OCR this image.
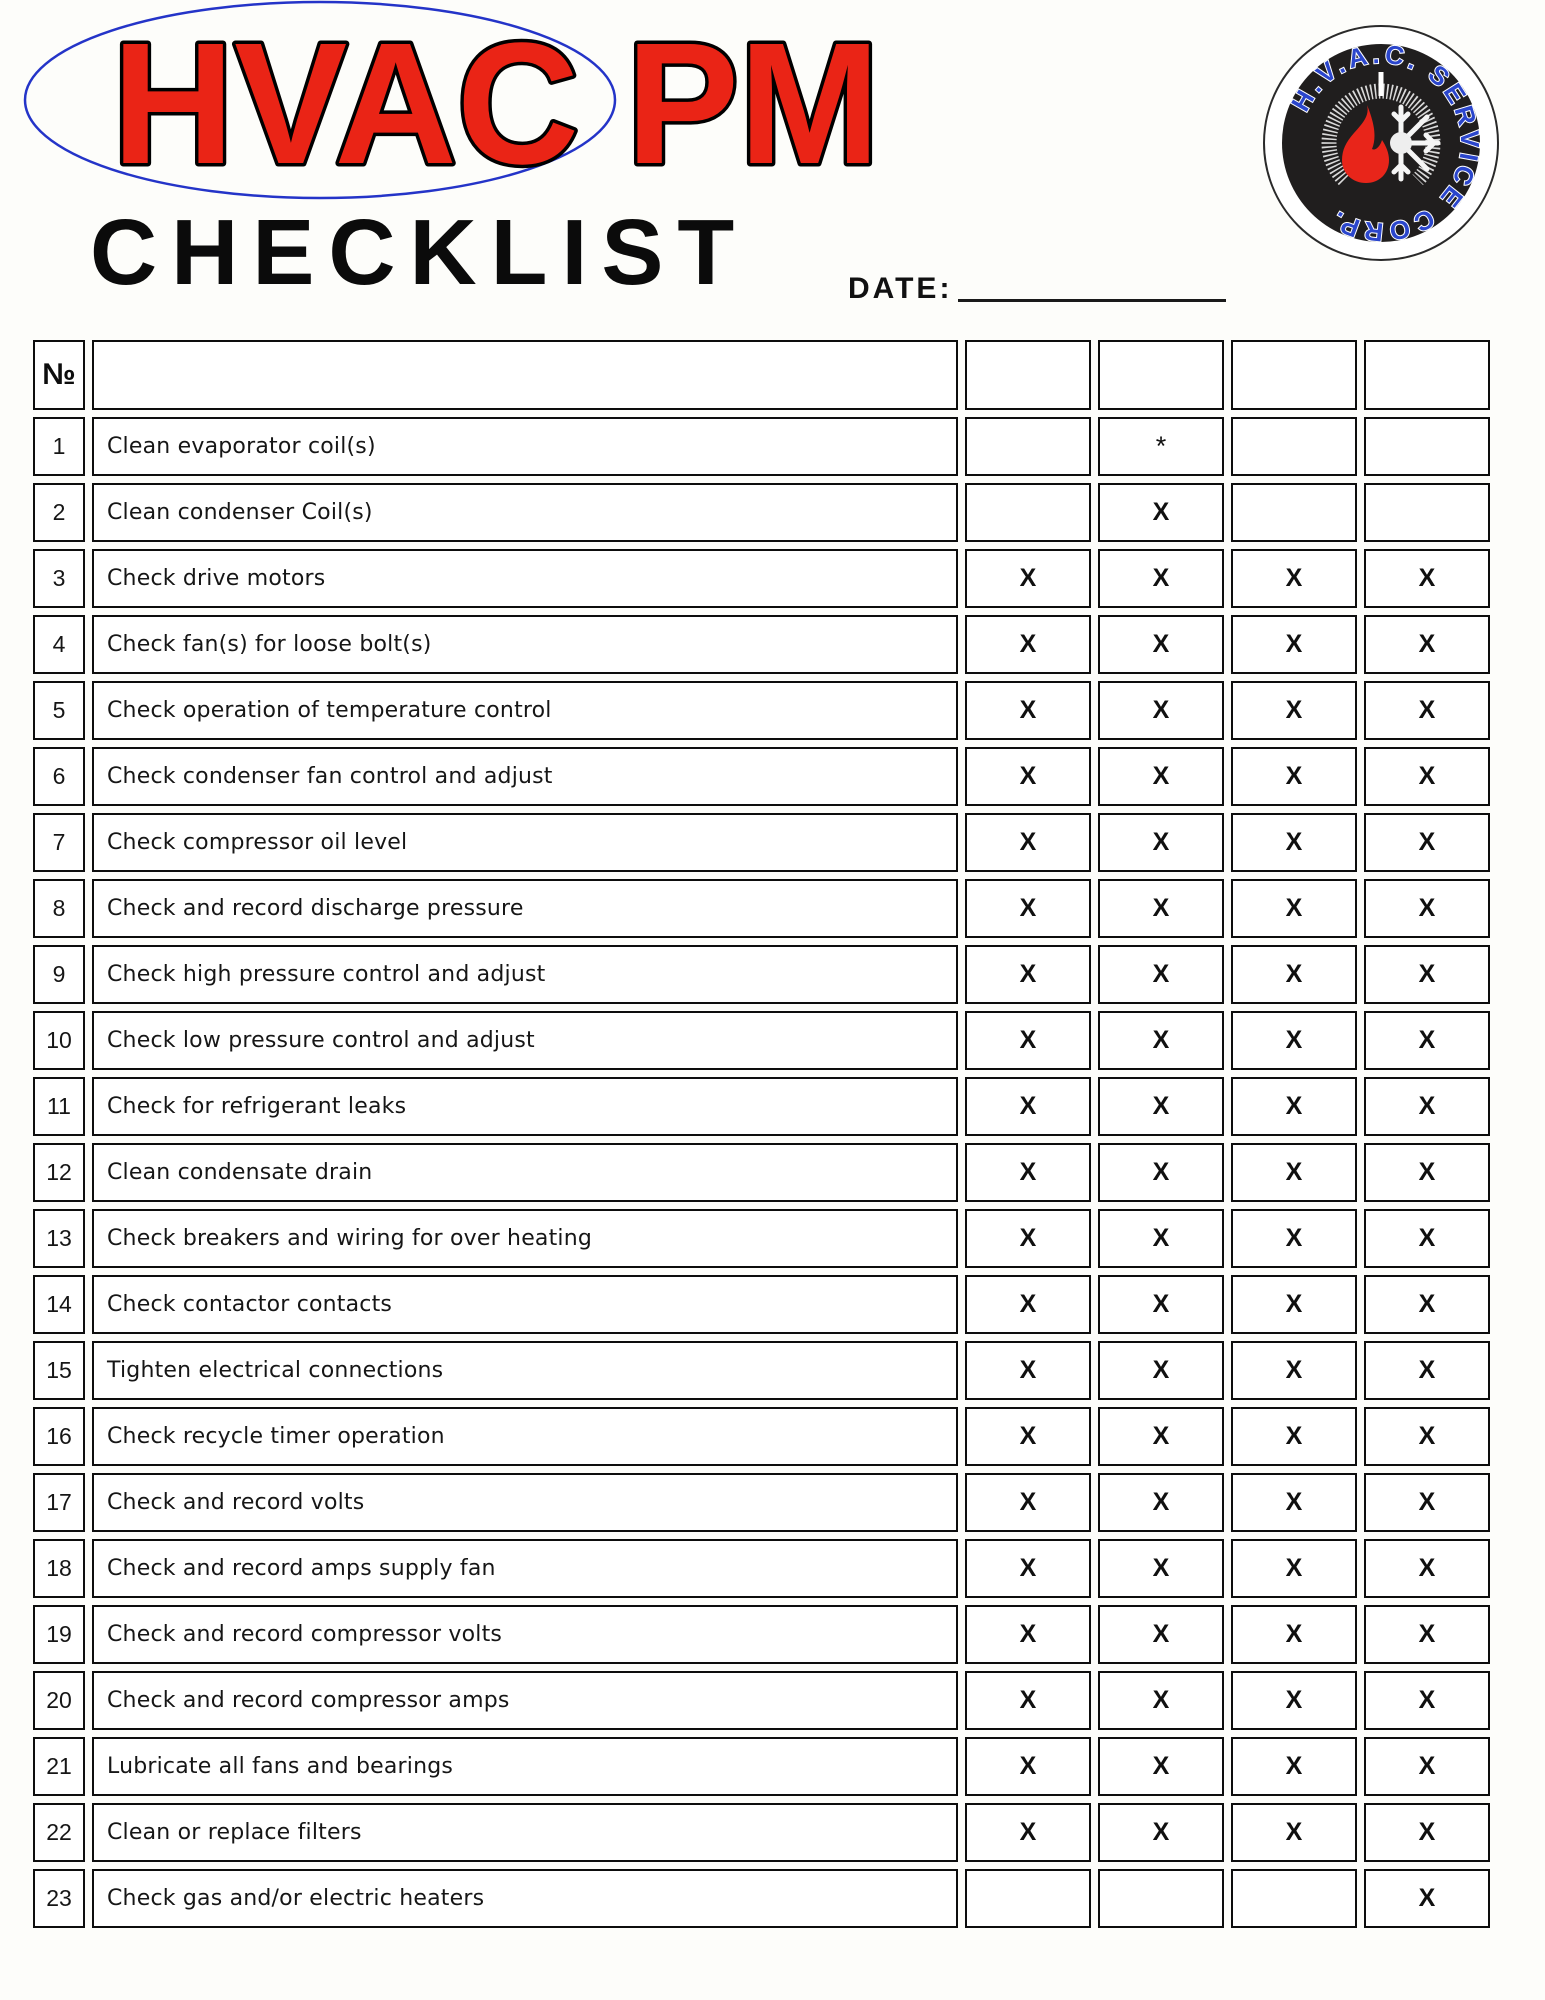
HVAC PM
CHECKLIST	DATE:
H.V.A.C. SERVICE CORP.
№	WORK ITEMS	WINTER	SPRING	SUMMER	FALL
1	Clean evaporator coil(s)		*		
2	Clean condenser Coil(s)		X		
3	Check drive motors	X	X	X	X
4	Check fan(s) for loose bolt(s)	X	X	X	X
5	Check operation of temperature control	X	X	X	X
6	Check condenser fan control and adjust	X	X	X	X
7	Check compressor oil level	X	X	X	X
8	Check and record discharge pressure	X	X	X	X
9	Check high pressure control and adjust	X	X	X	X
10	Check low pressure control and adjust	X	X	X	X
11	Check for refrigerant leaks	X	X	X	X
12	Clean condensate drain	X	X	X	X
13	Check breakers and wiring for over heating	X	X	X	X
14	Check contactor contacts	X	X	X	X
15	Tighten electrical connections	X	X	X	X
16	Check recycle timer operation	X	X	X	X
17	Check and record volts	X	X	X	X
18	Check and record amps supply fan	X	X	X	X
19	Check and record compressor volts	X	X	X	X
20	Check and record compressor amps	X	X	X	X
21	Lubricate all fans and bearings	X	X	X	X
22	Clean or replace filters	X	X	X	X
23	Check gas and/or electric heaters				X
